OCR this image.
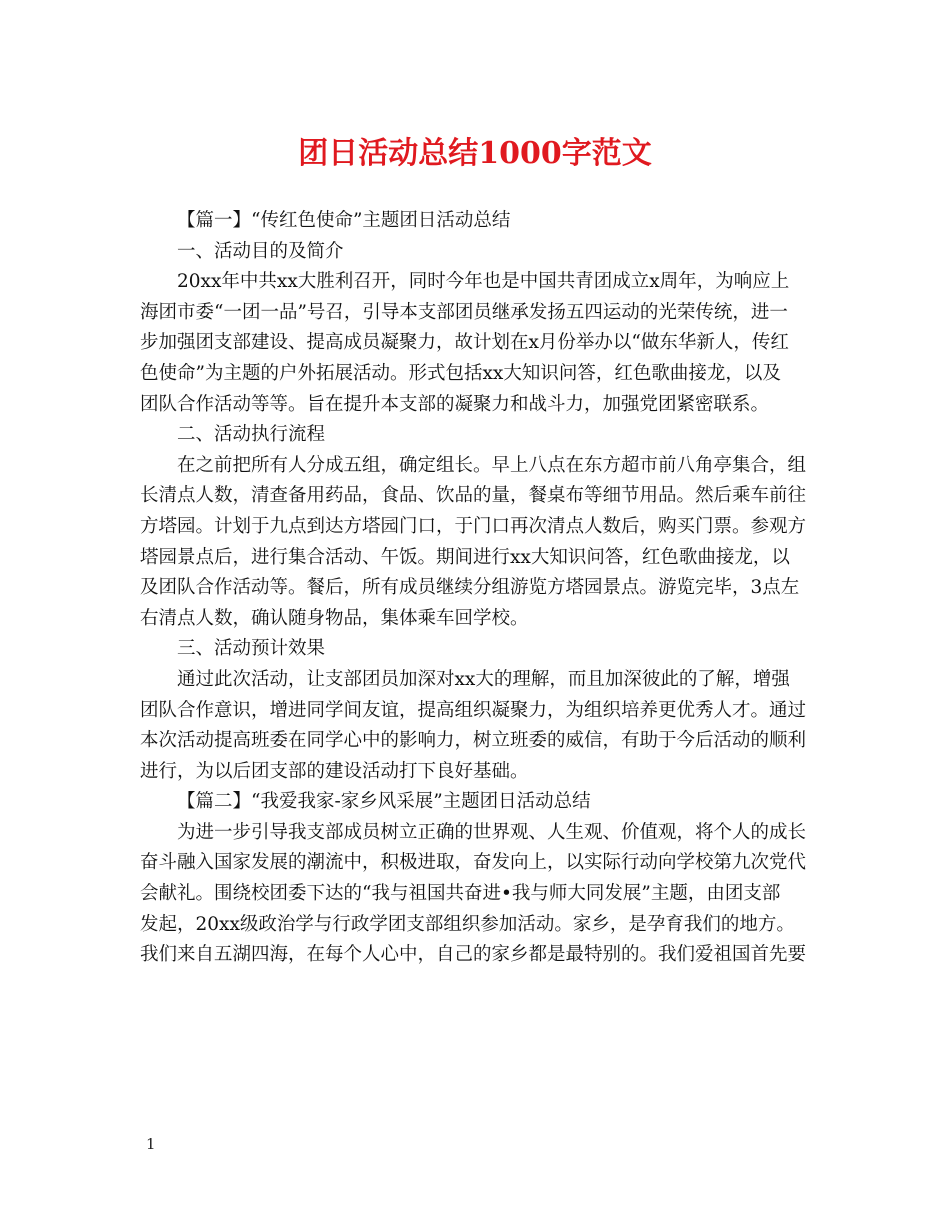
团日活动总结1000字范文
【篇一】“传红色使命”主题团日活动总结
一、活动目的及简介
20xx年中共xx大胜利召开，同时今年也是中国共青团成立x周年，为响应上
海团市委“一团一品”号召，引导本支部团员继承发扬五四运动的光荣传统，进一
步加强团支部建设、提高成员凝聚力，故计划在x月份举办以“做东华新人，传红
色使命”为主题的户外拓展活动。形式包括xx大知识问答，红色歌曲接龙，以及
团队合作活动等等。旨在提升本支部的凝聚力和战斗力，加强党团紧密联系。
二、活动执行流程
在之前把所有人分成五组，确定组长。早上八点在东方超市前八角亭集合，组
长清点人数，清查备用药品，食品、饮品的量，餐桌布等细节用品。然后乘车前往
方塔园。计划于九点到达方塔园门口，于门口再次清点人数后，购买门票。参观方
塔园景点后，进行集合活动、午饭。期间进行xx大知识问答，红色歌曲接龙，以
及团队合作活动等。餐后，所有成员继续分组游览方塔园景点。游览完毕，3点左
右清点人数，确认随身物品，集体乘车回学校。
三、活动预计效果
通过此次活动，让支部团员加深对xx大的理解，而且加深彼此的了解，增强
团队合作意识，增进同学间友谊，提高组织凝聚力，为组织培养更优秀人才。通过
本次活动提高班委在同学心中的影响力，树立班委的威信，有助于今后活动的顺利
进行，为以后团支部的建设活动打下良好基础。
【篇二】“我爱我家-家乡风采展”主题团日活动总结
为进一步引导我支部成员树立正确的世界观、人生观、价值观，将个人的成长
奋斗融入国家发展的潮流中，积极进取，奋发向上，以实际行动向学校第九次党代
会献礼。围绕校团委下达的“我与祖国共奋进•我与师大同发展”主题，由团支部
发起，20xx级政治学与行政学团支部组织参加活动。家乡，是孕育我们的地方。
我们来自五湖四海，在每个人心中，自己的家乡都是最特别的。我们爱祖国首先要
1
